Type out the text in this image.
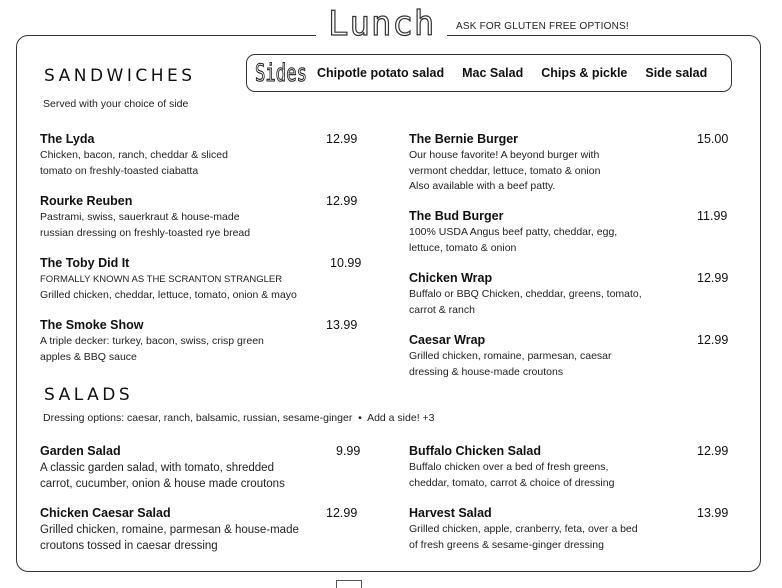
Lunch ASK FOR GLUTEN FREE OPTIONS!
SANDWICHES
Served with your choice of side
Sides Chipotle potato salad Mac Salad Chips & pickle Side salad
The Lyda	12.99
Chicken, bacon, ranch, cheddar & sliced
tomato on freshly-toasted ciabatta
Rourke Reuben	12.99
Pastrami, swiss, sauerkraut & house-made
russian dressing on freshly-toasted rye bread
The Toby Did It	10.99
FORMALLY KNOWN AS THE SCRANTON STRANGLER
Grilled chicken, cheddar, lettuce, tomato, onion & mayo
The Smoke Show	13.99
A triple decker: turkey, bacon, swiss, crisp green
apples & BBQ sauce
The Bernie Burger	15.00
Our house favorite! A beyond burger with
vermont cheddar, lettuce, tomato & onion
Also available with a beef patty.
The Bud Burger	11.99
100% USDA Angus beef patty, cheddar, egg,
lettuce, tomato & onion
Chicken Wrap	12.99
Buffalo or BBQ Chicken, cheddar, greens, tomato,
carrot & ranch
Caesar Wrap	12.99
Grilled chicken, romaine, parmesan, caesar
dressing & house-made croutons
SALADS
Dressing options: caesar, ranch, balsamic, russian, sesame-ginger  •  Add a side! +3
Garden Salad	9.99
A classic garden salad, with tomato, shredded
carrot, cucumber, onion & house made croutons
Chicken Caesar Salad	12.99
Grilled chicken, romaine, parmesan & house-made
croutons tossed in caesar dressing
Buffalo Chicken Salad	12.99
Buffalo chicken over a bed of fresh greens,
cheddar, tomato, carrot & choice of dressing
Harvest Salad	13.99
Grilled chicken, apple, cranberry, feta, over a bed
of fresh greens & sesame-ginger dressing
